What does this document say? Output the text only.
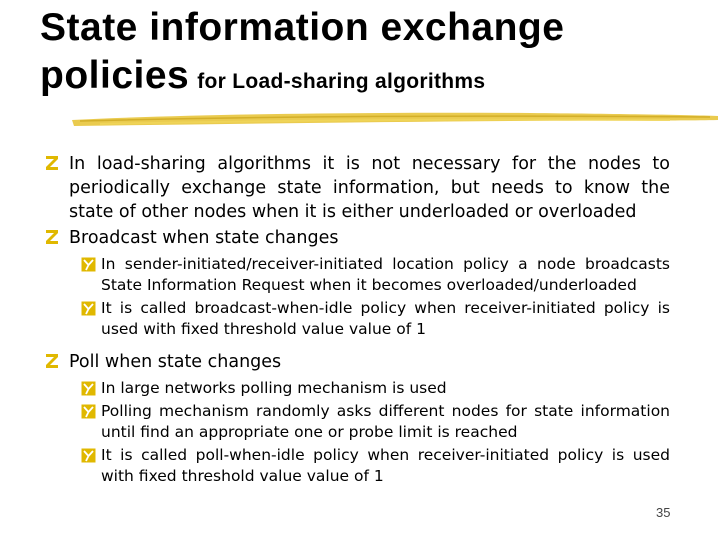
State information exchange
policies for Load-sharing algorithms
In load-sharing algorithms it is not necessary for the nodes to periodically exchange state information, but needs to know the state of other nodes when it is either underloaded or overloaded
Broadcast when state changes
In sender-initiated/receiver-initiated location policy a node broadcasts State Information Request when it becomes overloaded/underloaded
It is called broadcast-when-idle policy when receiver-initiated policy is used with fixed threshold value value of 1
Poll when state changes
In large networks polling mechanism is used
Polling mechanism randomly asks different nodes for state information until find an appropriate one or probe limit is reached
It is called poll-when-idle policy when receiver-initiated policy is used with fixed threshold value value of 1
35
